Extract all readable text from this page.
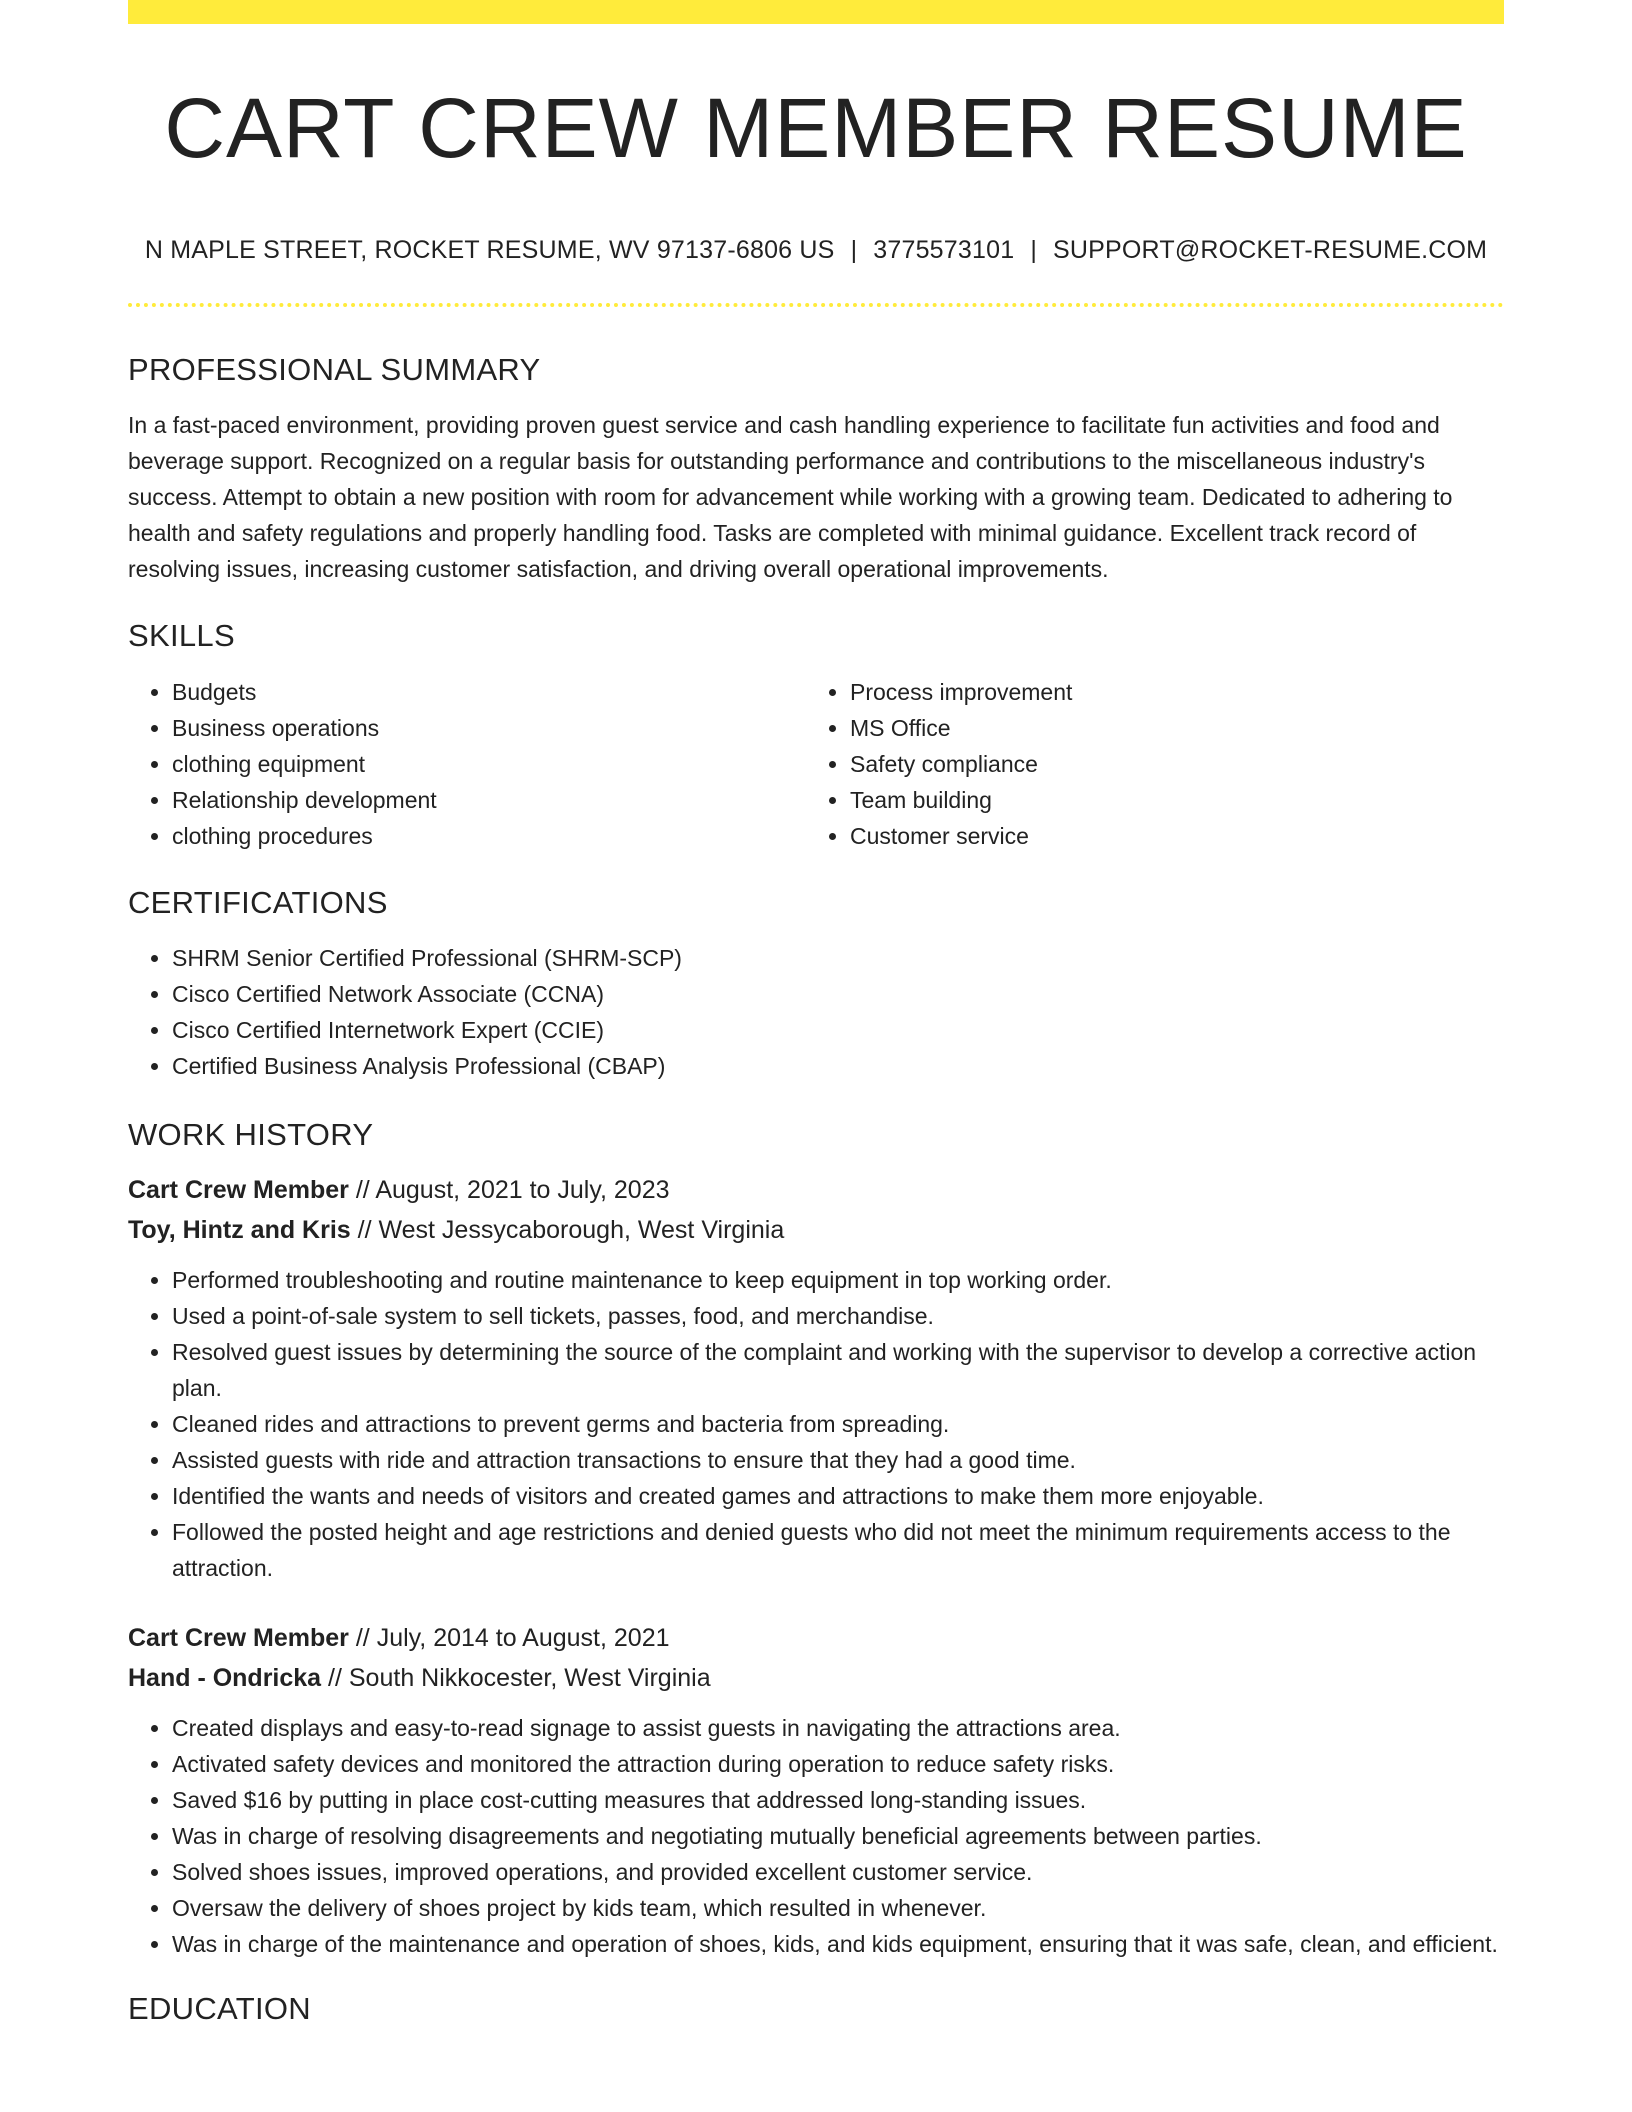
CART CREW MEMBER RESUME
N MAPLE STREET, ROCKET RESUME, WV 97137-6806 US | 3775573101 | SUPPORT@ROCKET-RESUME.COM
PROFESSIONAL SUMMARY

In a fast-paced environment, providing proven guest service and cash handling experience to facilitate fun activities and food and beverage support. Recognized on a regular basis for outstanding performance and contributions to the miscellaneous industry's success. Attempt to obtain a new position with room for advancement while working with a growing team. Dedicated to adhering to health and safety regulations and properly handling food. Tasks are completed with minimal guidance. Excellent track record of resolving issues, increasing customer satisfaction, and driving overall operational improvements.

SKILLS
• Budgets
• Business operations
• clothing equipment
• Relationship development
• clothing procedures
• Process improvement
• MS Office
• Safety compliance
• Team building
• Customer service
CERTIFICATIONS
• SHRM Senior Certified Professional (SHRM-SCP)
• Cisco Certified Network Associate (CCNA)
• Cisco Certified Internetwork Expert (CCIE)
• Certified Business Analysis Professional (CBAP)
WORK HISTORY
Cart Crew Member // August, 2021 to July, 2023
Toy, Hintz and Kris // West Jessycaborough, West Virginia
• Performed troubleshooting and routine maintenance to keep equipment in top working order.
• Used a point-of-sale system to sell tickets, passes, food, and merchandise.
• Resolved guest issues by determining the source of the complaint and working with the supervisor to develop a corrective action plan.
• Cleaned rides and attractions to prevent germs and bacteria from spreading.
• Assisted guests with ride and attraction transactions to ensure that they had a good time.
• Identified the wants and needs of visitors and created games and attractions to make them more enjoyable.
• Followed the posted height and age restrictions and denied guests who did not meet the minimum requirements access to the attraction.
Cart Crew Member // July, 2014 to August, 2021
Hand - Ondricka // South Nikkocester, West Virginia
• Created displays and easy-to-read signage to assist guests in navigating the attractions area.
• Activated safety devices and monitored the attraction during operation to reduce safety risks.
• Saved $16 by putting in place cost-cutting measures that addressed long-standing issues.
• Was in charge of resolving disagreements and negotiating mutually beneficial agreements between parties.
• Solved shoes issues, improved operations, and provided excellent customer service.
• Oversaw the delivery of shoes project by kids team, which resulted in whenever.
• Was in charge of the maintenance and operation of shoes, kids, and kids equipment, ensuring that it was safe, clean, and efficient.
EDUCATION
